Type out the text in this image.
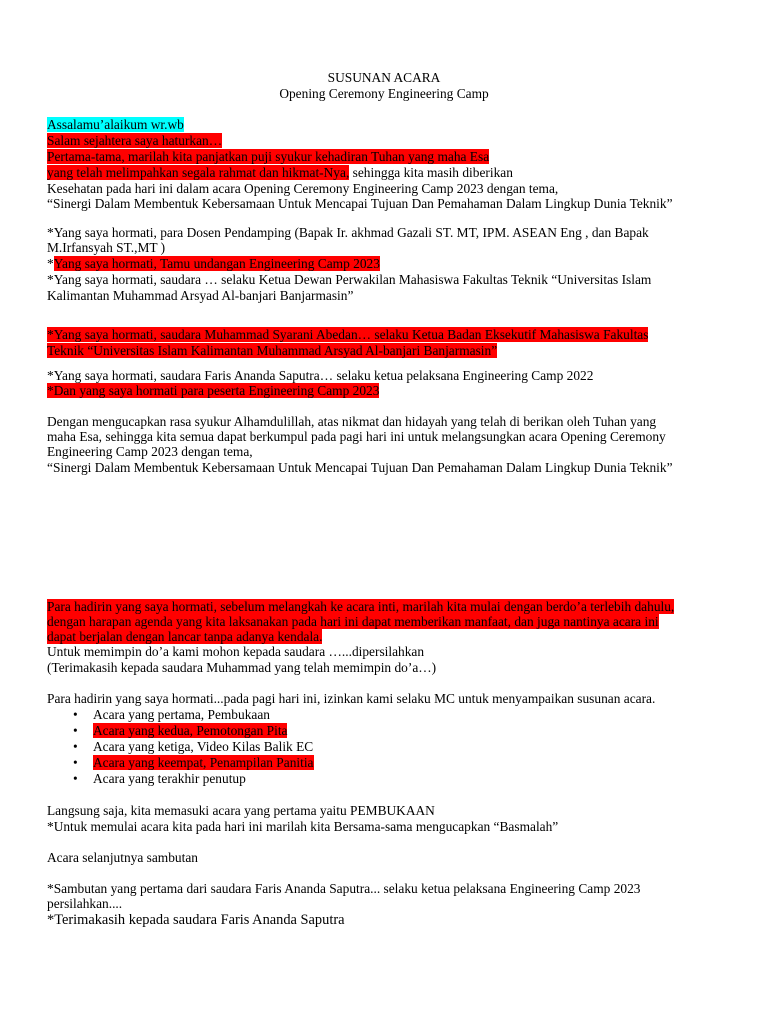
SUSUNAN ACARA

Opening Ceremony Engineering Camp

Assalamu’alaikum wr.wb

Salam sejahtera saya haturkan…

Pertama-tama, marilah kita panjatkan puji syukur kehadiran Tuhan yang maha Esa

yang telah melimpahkan segala rahmat dan hikmat-Nya, sehingga kita masih diberikan

Kesehatan pada hari ini dalam acara Opening Ceremony Engineering Camp 2023 dengan tema,

“Sinergi Dalam Membentuk Kebersamaan Untuk Mencapai Tujuan Dan Pemahaman Dalam Lingkup Dunia Teknik”

*Yang saya hormati, para Dosen Pendamping (Bapak Ir. akhmad Gazali ST. MT, IPM. ASEAN Eng , dan Bapak

M.Irfansyah ST.,MT )

*Yang saya hormati, Tamu undangan Engineering Camp 2023

*Yang saya hormati, saudara … selaku Ketua Dewan Perwakilan Mahasiswa Fakultas Teknik “Universitas Islam

Kalimantan Muhammad Arsyad Al-banjari Banjarmasin”

*Yang saya hormati, saudara Muhammad Syarani Abedan… selaku Ketua Badan Eksekutif Mahasiswa Fakultas

Teknik “Universitas Islam Kalimantan Muhammad Arsyad Al-banjari Banjarmasin”

*Yang saya hormati, saudara Faris Ananda Saputra… selaku ketua pelaksana Engineering Camp 2022

*Dan yang saya hormati para peserta Engineering Camp 2023

Dengan mengucapkan rasa syukur Alhamdulillah, atas nikmat dan hidayah yang telah di berikan oleh Tuhan yang

maha Esa, sehingga kita semua dapat berkumpul pada pagi hari ini untuk melangsungkan acara Opening Ceremony

Engineering Camp 2023 dengan tema,

“Sinergi Dalam Membentuk Kebersamaan Untuk Mencapai Tujuan Dan Pemahaman Dalam Lingkup Dunia Teknik”

Para hadirin yang saya hormati, sebelum melangkah ke acara inti, marilah kita mulai dengan berdo’a terlebih dahulu,

dengan harapan agenda yang kita laksanakan pada hari ini dapat memberikan manfaat, dan juga nantinya acara ini

dapat berjalan dengan lancar tanpa adanya kendala.

Untuk memimpin do’a kami mohon kepada saudara …...dipersilahkan

(Terimakasih kepada saudara Muhammad yang telah memimpin do’a…)

Para hadirin yang saya hormati...pada pagi hari ini, izinkan kami selaku MC untuk menyampaikan susunan acara.

• Acara yang pertama, Pembukaan
• Acara yang kedua, Pemotongan Pita
• Acara yang ketiga, Video Kilas Balik EC
• Acara yang keempat, Penampilan Panitia
• Acara yang terakhir penutup

Langsung saja, kita memasuki acara yang pertama yaitu PEMBUKAAN

*Untuk memulai acara kita pada hari ini marilah kita Bersama-sama mengucapkan “Basmalah”

Acara selanjutnya sambutan

*Sambutan yang pertama dari saudara Faris Ananda Saputra... selaku ketua pelaksana Engineering Camp 2023

persilahkan....

*Terimakasih kepada saudara Faris Ananda Saputra
